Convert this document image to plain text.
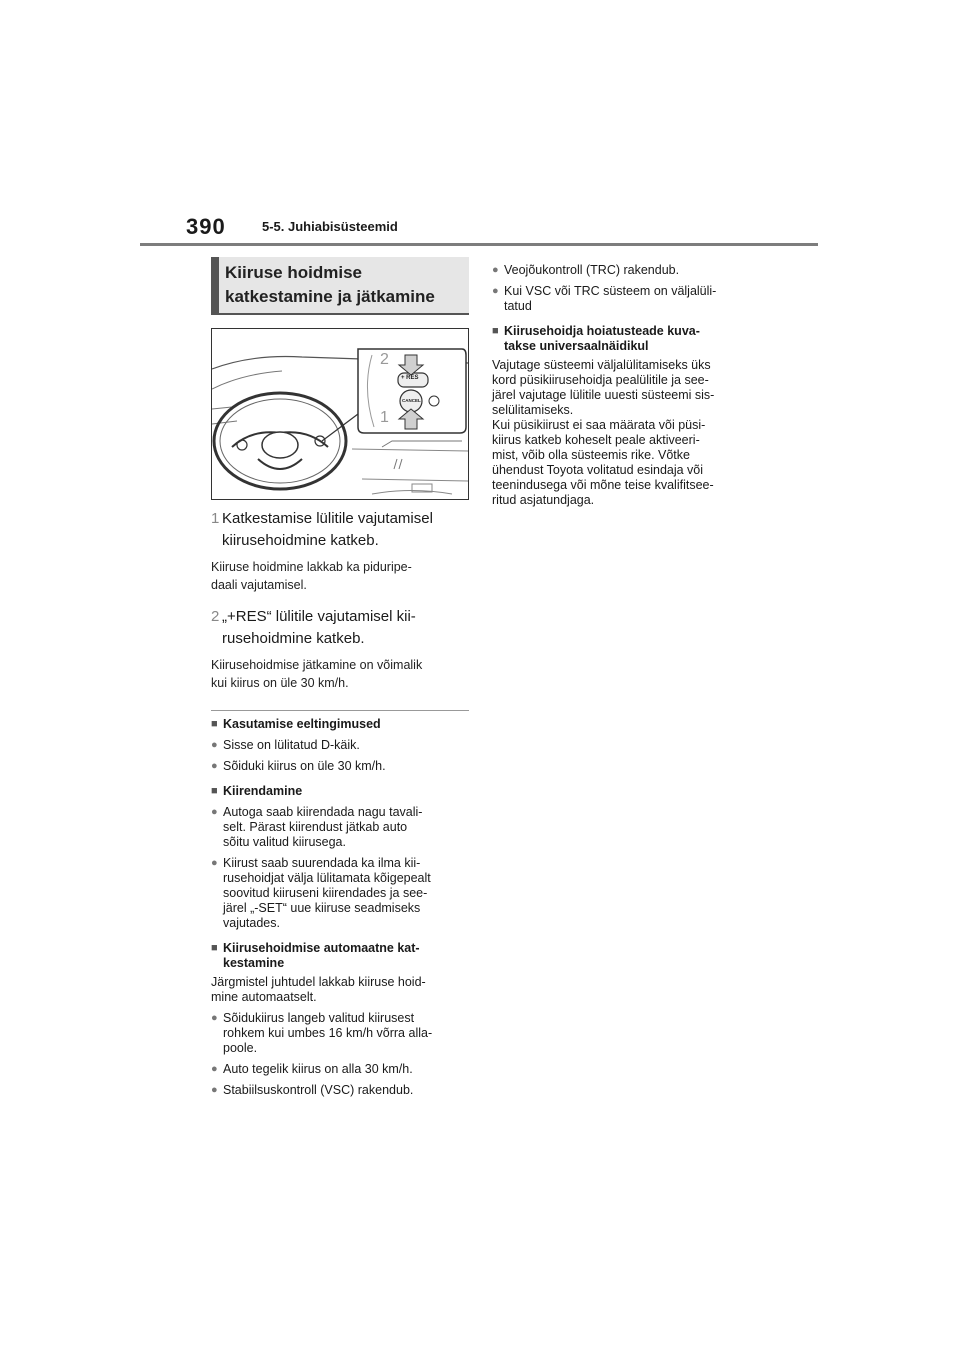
390	5-5. Juhiabisüsteemid
Kiiruse hoidmise
katkestamine ja jätkamine
+ RES
CANCEL
2
1
1 Katkestamise lülitile vajutamisel
kiirusehoidmine katkeb.
Kiiruse hoidmine lakkab ka piduripe-
daali vajutamisel.
2 „+RES“ lülitile vajutamisel kii-
rusehoidmine katkeb.
Kiirusehoidmise jätkamine on võimalik
kui kiirus on üle 30 km/h.
■ Kasutamise eeltingimused
● Sisse on lülitatud D-käik.
● Sõiduki kiirus on üle 30 km/h.
■ Kiirendamine
● Autoga saab kiirendada nagu tavali-
selt. Pärast kiirendust jätkab auto
sõitu valitud kiirusega.
● Kiirust saab suurendada ka ilma kii-
rusehoidjat välja lülitamata kõigepealt
soovitud kiiruseni kiirendades ja see-
järel „-SET“ uue kiiruse seadmiseks
vajutades.
■ Kiirusehoidmise automaatne kat-
kestamine
Järgmistel juhtudel lakkab kiiruse hoid-
mine automaatselt.
● Sõidukiirus langeb valitud kiirusest
rohkem kui umbes 16 km/h võrra alla-
poole.
● Auto tegelik kiirus on alla 30 km/h.
● Stabiilsuskontroll (VSC) rakendub.
● Veojõukontroll (TRC) rakendub.
● Kui VSC või TRC süsteem on väljalüli-
tatud
■ Kiirusehoidja hoiatusteade kuva-
takse universaalnäidikul
Vajutage süsteemi väljalülitamiseks üks
kord püsikiirusehoidja pealülitile ja see-
järel vajutage lülitile uuesti süsteemi sis-
selülitamiseks.
Kui püsikiirust ei saa määrata või püsi-
kiirus katkeb koheselt peale aktiveeri-
mist, võib olla süsteemis rike. Võtke
ühendust Toyota volitatud esindaja või
teenindusega või mõne teise kvalifitsee-
ritud asjatundjaga.
